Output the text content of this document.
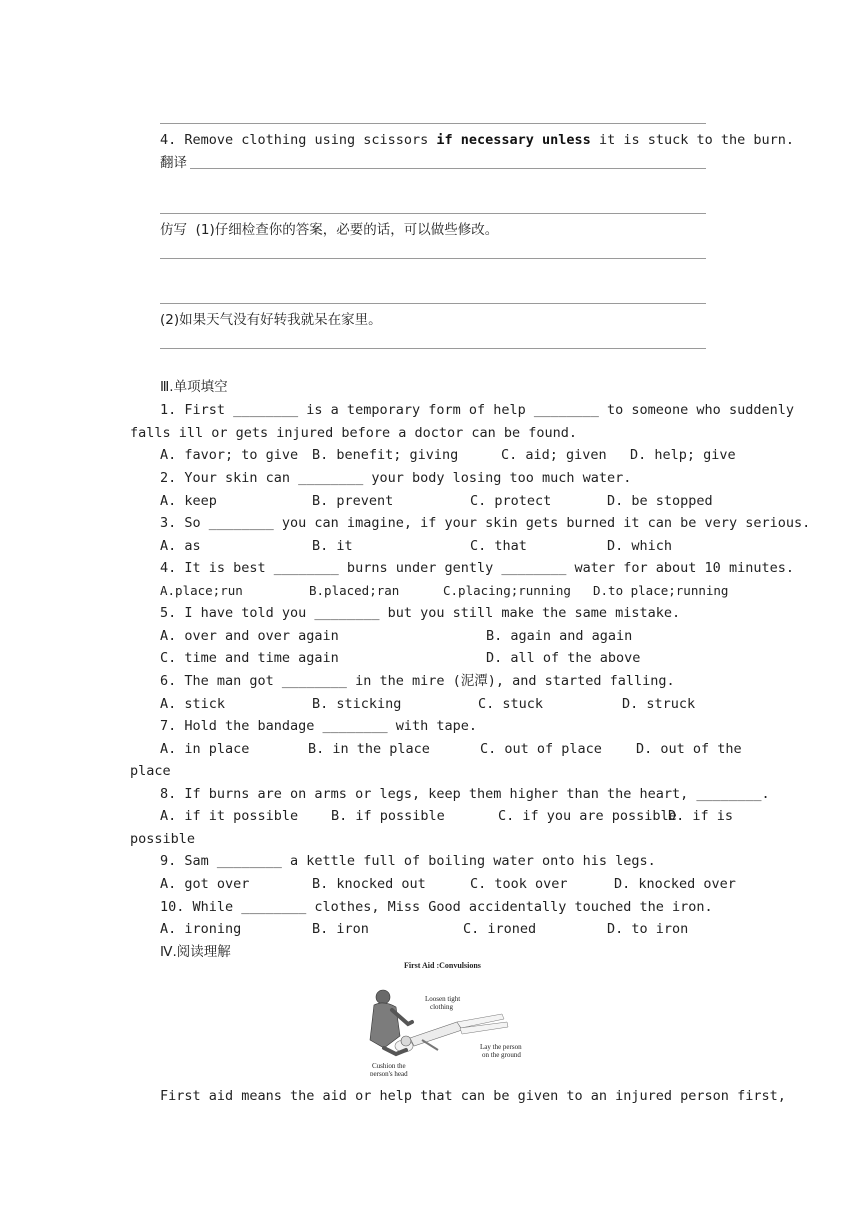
4. Remove clothing using scissors if necessary unless it is stuck to the burn.
翻译
仿写 (1)仔细检查你的答案，必要的话，可以做些修改。
(2)如果天气没有好转我就呆在家里。
Ⅲ.单项填空
1. First ________ is a temporary form of help ________ to someone who suddenly
falls ill or gets injured before a doctor can be found.
A. favor; to give B. benefit; giving	C. aid; given D. help; give
2. Your skin can ________ your body losing too much water.
A. keep	B. prevent	C. protect	D. be stopped
3. So ________ you can imagine, if your skin gets burned it can be very serious.
A. as	B. it	C. that	D. which
4. It is best ________ burns under gently ________ water for about 10 minutes.
A.place;run	B.placed;ran	C.placing;running D.to place;running
5. I have told you ________ but you still make the same mistake.
A. over and over again	B. again and again
C. time and time again	D. all of the above
6. The man got ________ in the mire (泥潭), and started falling.
A. stick	B. sticking	C. stuck	D. struck
7. Hold the bandage ________ with tape.
A. in place	B. in the place	C. out of place	D. out of the
place
8. If burns are on arms or legs, keep them higher than the heart, ________.
A. if it possible B. if possible	C. if you are possible
D. if is
possible
9. Sam ________ a kettle full of boiling water onto his legs.
A. got over	B. knocked out	C. took over	D. knocked over
10. While ________ clothes, Miss Good accidentally touched the iron.
A. ironing	B. iron	C. ironed	D. to iron
Ⅳ.阅读理解
First Aid :Convulsions
Loosen tight
clothing
Lay the person
on the ground
Cushion the
person's head
First aid means the aid or help that can be given to an injured person first,
